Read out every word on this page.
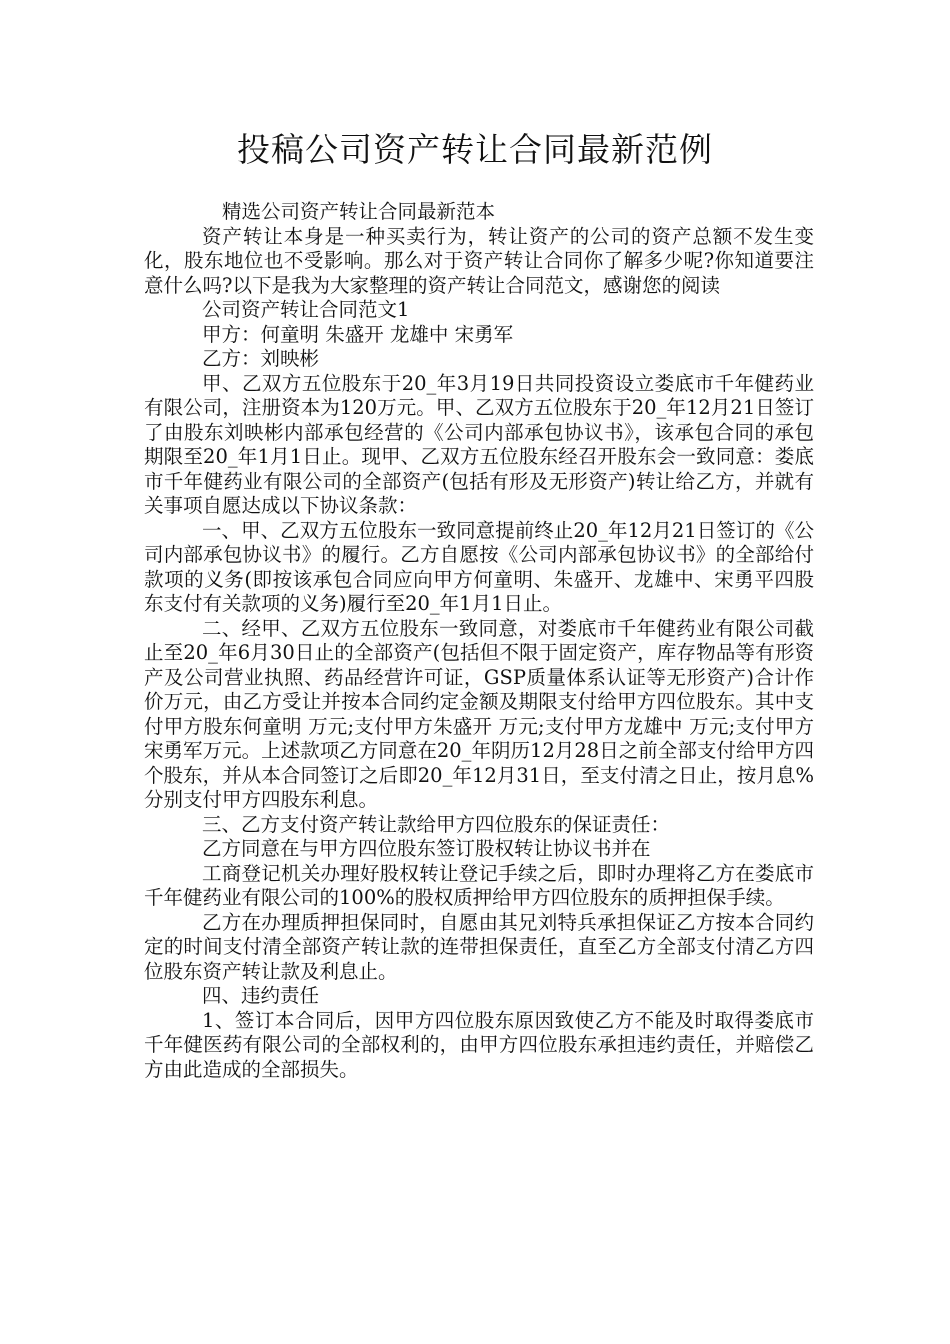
投稿公司资产转让合同最新范例

精选公司资产转让合同最新范本

资产转让本身是一种买卖行为，转让资产的公司的资产总额不发生变化，股东地位也不受影响。那么对于资产转让合同你了解多少呢?你知道要注意什么吗?以下是我为大家整理的资产转让合同范文，感谢您的阅读

公司资产转让合同范文1

甲方：何童明 朱盛开 龙雄中 宋勇军

乙方：刘映彬

甲、乙双方五位股东于20_年3月19日共同投资设立娄底市千年健药业有限公司，注册资本为120万元。甲、乙双方五位股东于20_年12月21日签订了由股东刘映彬内部承包经营的《公司内部承包协议书》，该承包合同的承包期限至20_年1月1日止。现甲、乙双方五位股东经召开股东会一致同意：娄底市千年健药业有限公司的全部资产(包括有形及无形资产)转让给乙方，并就有关事项自愿达成以下协议条款：

一、甲、乙双方五位股东一致同意提前终止20_年12月21日签订的《公司内部承包协议书》的履行。乙方自愿按《公司内部承包协议书》的全部给付款项的义务(即按该承包合同应向甲方何童明、朱盛开、龙雄中、宋勇平四股东支付有关款项的义务)履行至20_年1月1日止。

二、经甲、乙双方五位股东一致同意，对娄底市千年健药业有限公司截止至20_年6月30日止的全部资产(包括但不限于固定资产，库存物品等有形资产及公司营业执照、药品经营许可证，GSP质量体系认证等无形资产)合计作价万元，由乙方受让并按本合同约定金额及期限支付给甲方四位股东。其中支付甲方股东何童明 万元;支付甲方朱盛开 万元;支付甲方龙雄中 万元;支付甲方宋勇军万元。上述款项乙方同意在20_年阴历12月28日之前全部支付给甲方四个股东，并从本合同签订之后即20_年12月31日，至支付清之日止，按月息%分别支付甲方四股东利息。

三、乙方支付资产转让款给甲方四位股东的保证责任：

乙方同意在与甲方四位股东签订股权转让协议书并在

工商登记机关办理好股权转让登记手续之后，即时办理将乙方在娄底市千年健药业有限公司的100%的股权质押给甲方四位股东的质押担保手续。

乙方在办理质押担保同时，自愿由其兄刘特兵承担保证乙方按本合同约定的时间支付清全部资产转让款的连带担保责任，直至乙方全部支付清乙方四位股东资产转让款及利息止。

四、违约责任

1、签订本合同后，因甲方四位股东原因致使乙方不能及时取得娄底市千年健医药有限公司的全部权利的，由甲方四位股东承担违约责任，并赔偿乙方由此造成的全部损失。
